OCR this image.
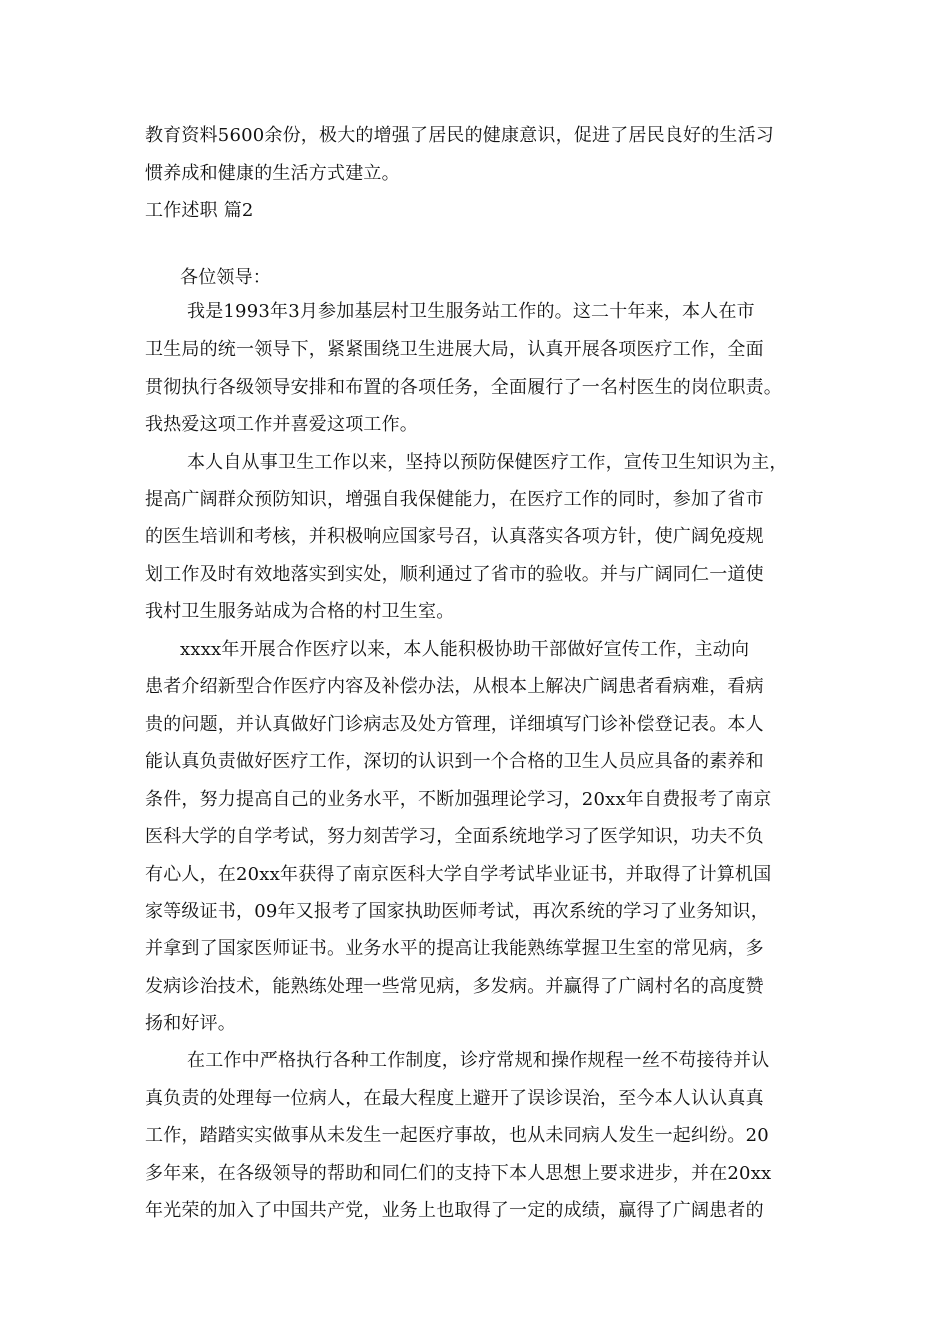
教育资料5600余份，极大的增强了居民的健康意识，促进了居民良好的生活习
惯养成和健康的生活方式建立。
工作述职 篇2
各位领导：
我是1993年3月参加基层村卫生服务站工作的。这二十年来，本人在市
卫生局的统一领导下，紧紧围绕卫生进展大局，认真开展各项医疗工作，全面
贯彻执行各级领导安排和布置的各项任务，全面履行了一名村医生的岗位职责。
我热爱这项工作并喜爱这项工作。
本人自从事卫生工作以来，坚持以预防保健医疗工作，宣传卫生知识为主，
提高广阔群众预防知识，增强自我保健能力，在医疗工作的同时，参加了省市
的医生培训和考核，并积极响应国家号召，认真落实各项方针，使广阔免疫规
划工作及时有效地落实到实处，顺利通过了省市的验收。并与广阔同仁一道使
我村卫生服务站成为合格的村卫生室。
xxxx年开展合作医疗以来，本人能积极协助干部做好宣传工作，主动向
患者介绍新型合作医疗内容及补偿办法，从根本上解决广阔患者看病难，看病
贵的问题，并认真做好门诊病志及处方管理，详细填写门诊补偿登记表。本人
能认真负责做好医疗工作，深切的认识到一个合格的卫生人员应具备的素养和
条件，努力提高自己的业务水平，不断加强理论学习，20xx年自费报考了南京
医科大学的自学考试，努力刻苦学习，全面系统地学习了医学知识，功夫不负
有心人，在20xx年获得了南京医科大学自学考试毕业证书，并取得了计算机国
家等级证书，09年又报考了国家执助医师考试，再次系统的学习了业务知识，
并拿到了国家医师证书。业务水平的提高让我能熟练掌握卫生室的常见病，多
发病诊治技术，能熟练处理一些常见病，多发病。并赢得了广阔村名的高度赞
扬和好评。
在工作中严格执行各种工作制度，诊疗常规和操作规程一丝不苟接待并认
真负责的处理每一位病人，在最大程度上避开了误诊误治，至今本人认认真真
工作，踏踏实实做事从未发生一起医疗事故，也从未同病人发生一起纠纷。20
多年来，在各级领导的帮助和同仁们的支持下本人思想上要求进步，并在20xx
年光荣的加入了中国共产党，业务上也取得了一定的成绩，赢得了广阔患者的
